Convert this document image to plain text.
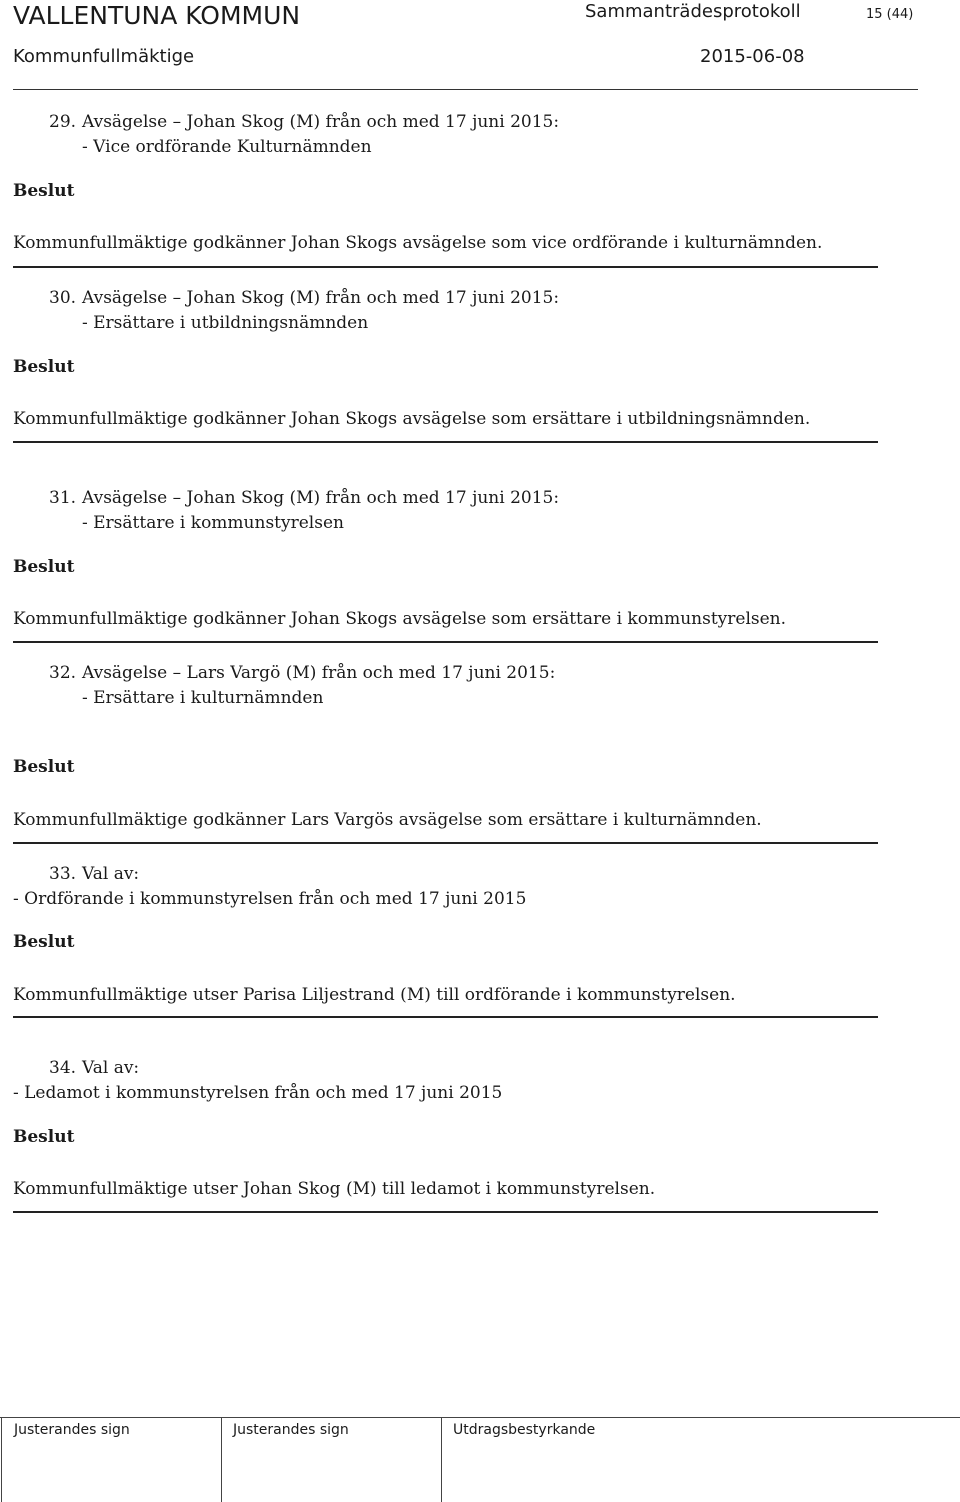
VALLENTUNA KOMMUN	Sammanträdesprotokoll	15 (44)
Kommunfullmäktige	2015-06-08
29. Avsägelse – Johan Skog (M) från och med 17 juni 2015:
- Vice ordförande Kulturnämnden
Beslut
Kommunfullmäktige godkänner Johan Skogs avsägelse som vice ordförande i kulturnämnden.
30. Avsägelse – Johan Skog (M) från och med 17 juni 2015:
- Ersättare i utbildningsnämnden
Beslut
Kommunfullmäktige godkänner Johan Skogs avsägelse som ersättare i utbildningsnämnden.
31. Avsägelse – Johan Skog (M) från och med 17 juni 2015:
- Ersättare i kommunstyrelsen
Beslut
Kommunfullmäktige godkänner Johan Skogs avsägelse som ersättare i kommunstyrelsen.
32. Avsägelse – Lars Vargö (M) från och med 17 juni 2015:
- Ersättare i kulturnämnden
Beslut
Kommunfullmäktige godkänner Lars Vargös avsägelse som ersättare i kulturnämnden.
33. Val av:
- Ordförande i kommunstyrelsen från och med 17 juni 2015
Beslut
Kommunfullmäktige utser Parisa Liljestrand (M) till ordförande i kommunstyrelsen.
34. Val av:
- Ledamot i kommunstyrelsen från och med 17 juni 2015
Beslut
Kommunfullmäktige utser Johan Skog (M) till ledamot i kommunstyrelsen.
Justerandes sign	Justerandes sign	Utdragsbestyrkande
